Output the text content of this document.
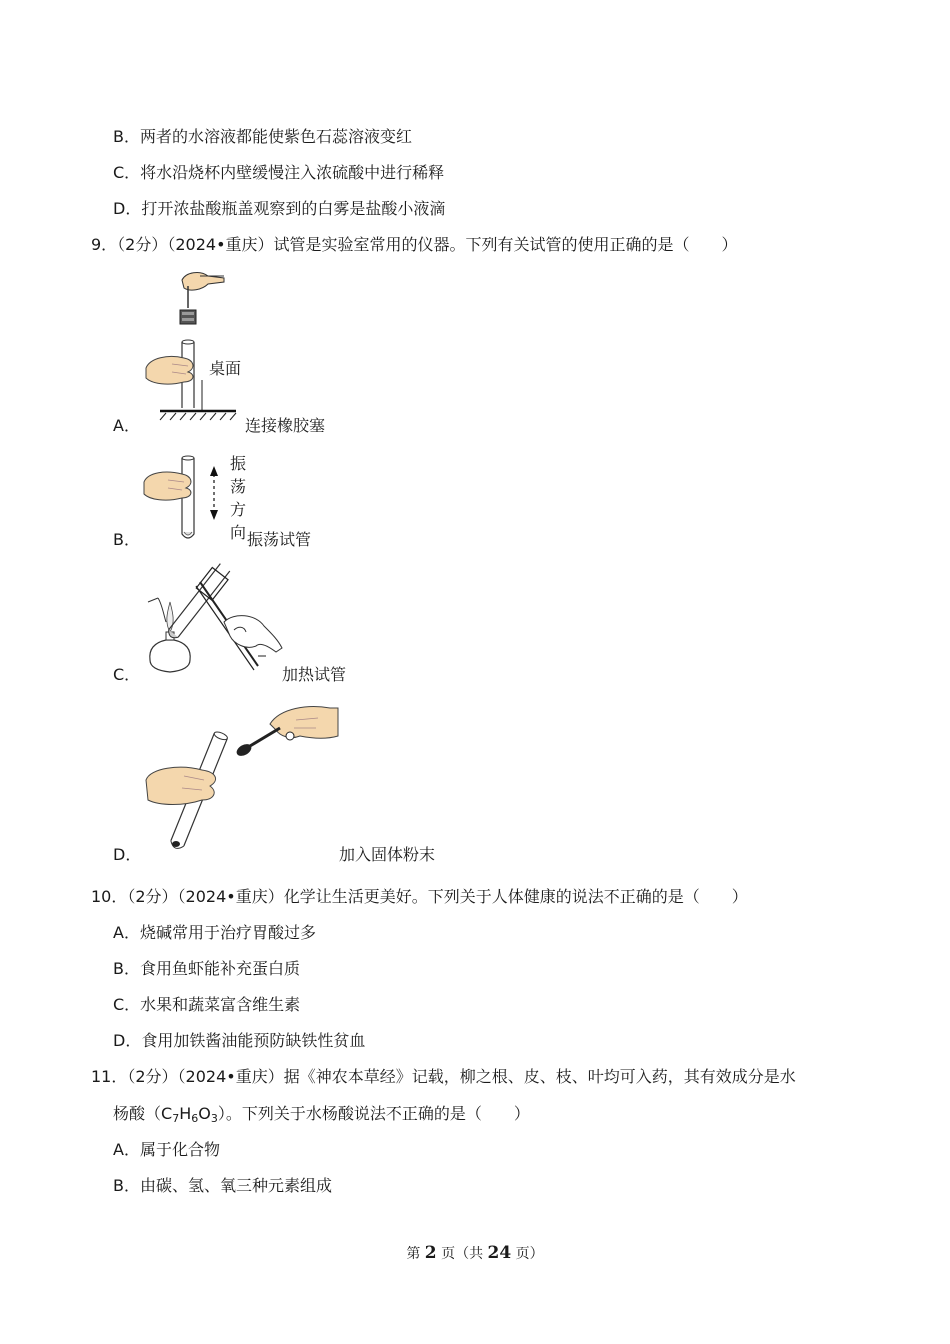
B．两者的水溶液都能使紫色石蕊溶液变红
C．将水沿烧杯内壁缓慢注入浓硫酸中进行稀释
D．打开浓盐酸瓶盖观察到的白雾是盐酸小液滴
9．（2分）（2024•重庆）试管是实验室常用的仪器。下列有关试管的使用正确的是（　　）
桌面
A．	连接橡胶塞
振
荡
方
向
B．	振荡试管
C．	加热试管
D．	加入固体粉末
10．（2分）（2024•重庆）化学让生活更美好。下列关于人体健康的说法不正确的是（　　）
A．烧碱常用于治疗胃酸过多
B．食用鱼虾能补充蛋白质
C．水果和蔬菜富含维生素
D．食用加铁酱油能预防缺铁性贫血
11．（2分）（2024•重庆）据《神农本草经》记载，柳之根、皮、枝、叶均可入药，其有效成分是水
杨酸$(C_7H_6O_3)$。下列关于水杨酸说法不正确的是（　　）
A．属于化合物
B．由碳、氢、氧三种元素组成
第 2 页（共 24 页）
